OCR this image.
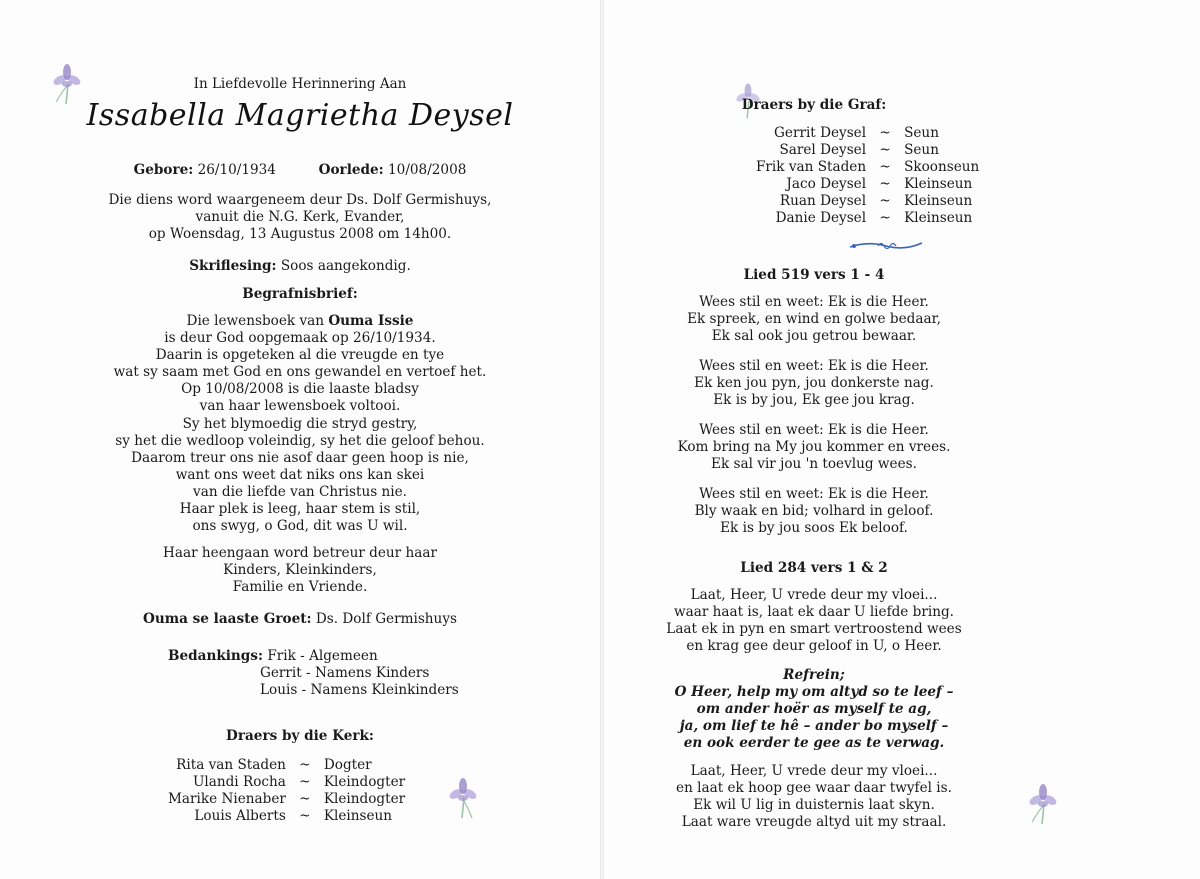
In Liefdevolle Herinnering Aan
Issabella Magrietha Deysel
Gebore: 26/10/1934	Oorlede: 10/08/2008
Die diens word waargeneem deur Ds. Dolf Germishuys,
vanuit die N.G. Kerk, Evander,
op Woensdag, 13 Augustus 2008 om 14h00.
Skriflesing: Soos aangekondig.
Begrafnisbrief:
Die lewensboek van Ouma Issie
is deur God oopgemaak op 26/10/1934.
Daarin is opgeteken al die vreugde en tye
wat sy saam met God en ons gewandel en vertoef het.
Op 10/08/2008 is die laaste bladsy
van haar lewensboek voltooi.
Sy het blymoedig die stryd gestry,
sy het die wedloop voleindig, sy het die geloof behou.
Daarom treur ons nie asof daar geen hoop is nie,
want ons weet dat niks ons kan skei
van die liefde van Christus nie.
Haar plek is leeg, haar stem is stil,
ons swyg, o God, dit was U wil.
Haar heengaan word betreur deur haar
Kinders, Kleinkinders,
Familie en Vriende.
Ouma se laaste Groet: Ds. Dolf Germishuys
Bedankings: Frik - Algemeen
Gerrit - Namens Kinders
Louis - Namens Kleinkinders
Draers by die Kerk:
Rita van Staden	~	Dogter
Ulandi Rocha	~	Kleindogter
Marike Nienaber	~	Kleindogter
Louis Alberts	~	Kleinseun
Draers by die Graf:
Gerrit Deysel	~	Seun
Sarel Deysel	~	Seun
Frik van Staden	~	Skoonseun
Jaco Deysel	~	Kleinseun
Ruan Deysel	~	Kleinseun
Danie Deysel	~	Kleinseun
Lied 519 vers 1 - 4
Wees stil en weet: Ek is die Heer.
Ek spreek, en wind en golwe bedaar,
Ek sal ook jou getrou bewaar.
Wees stil en weet: Ek is die Heer.
Ek ken jou pyn, jou donkerste nag.
Ek is by jou, Ek gee jou krag.
Wees stil en weet: Ek is die Heer.
Kom bring na My jou kommer en vrees.
Ek sal vir jou 'n toevlug wees.
Wees stil en weet: Ek is die Heer.
Bly waak en bid; volhard in geloof.
Ek is by jou soos Ek beloof.
Lied 284 vers 1 & 2
Laat, Heer, U vrede deur my vloei...
waar haat is, laat ek daar U liefde bring.
Laat ek in pyn en smart vertroostend wees
en krag gee deur geloof in U, o Heer.
Refrein;
O Heer, help my om altyd so te leef –
om ander hoër as myself te ag,
ja, om lief te hê – ander bo myself –
en ook eerder te gee as te verwag.
Laat, Heer, U vrede deur my vloei...
en laat ek hoop gee waar daar twyfel is.
Ek wil U lig in duisternis laat skyn.
Laat ware vreugde altyd uit my straal.
